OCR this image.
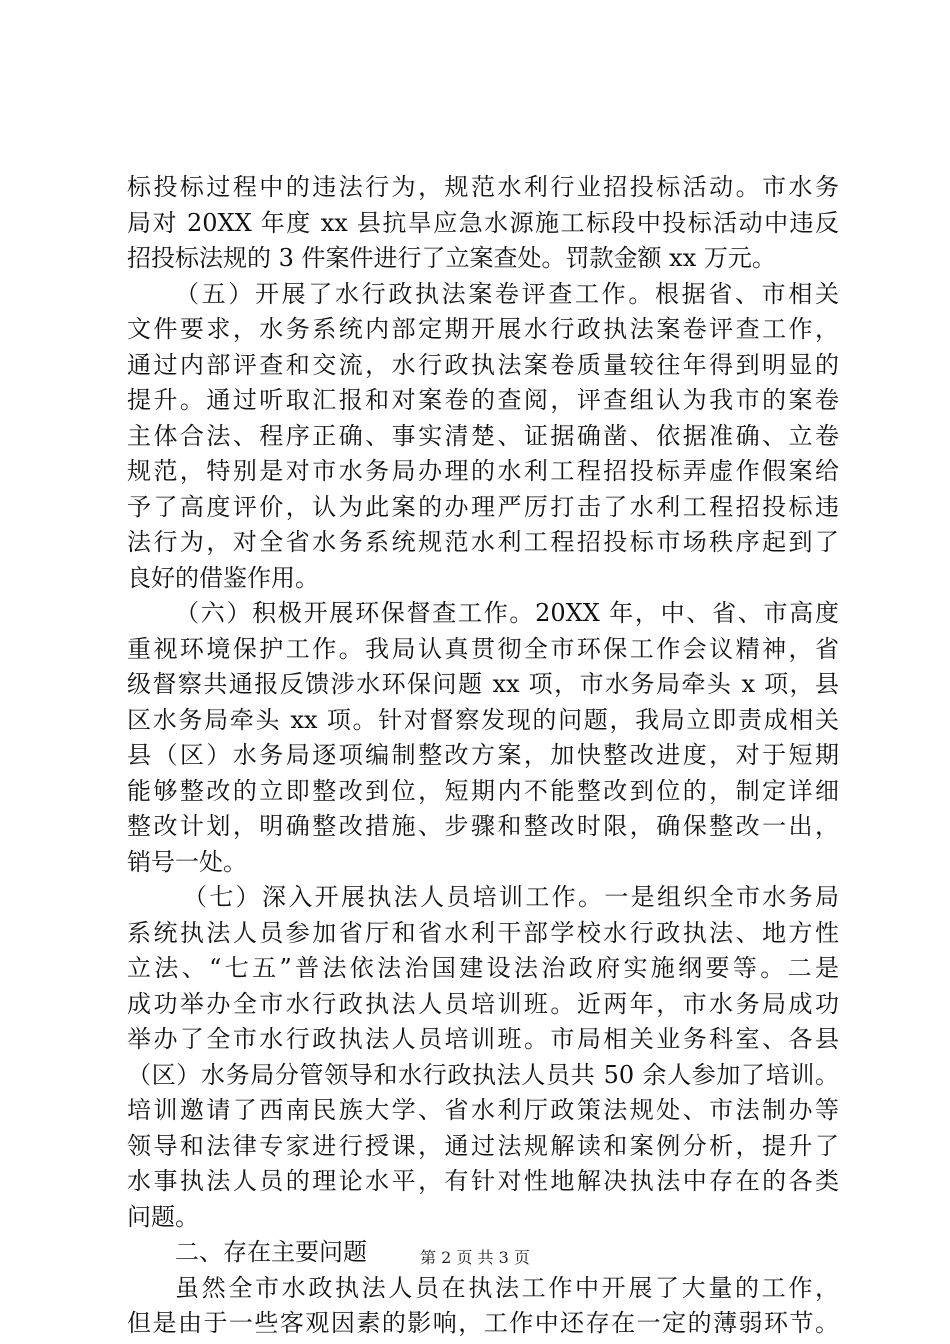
标投标过程中的违法行为，规范水利行业招投标活动。市水务
局对 20XX 年度 xx 县抗旱应急水源施工标段中投标活动中违反
招投标法规的 3 件案件进行了立案查处。罚款金额 xx 万元。
（五）开展了水行政执法案卷评查工作。根据省、市相关
文件要求，水务系统内部定期开展水行政执法案卷评查工作，
通过内部评查和交流，水行政执法案卷质量较往年得到明显的
提升。通过听取汇报和对案卷的查阅，评查组认为我市的案卷
主体合法、程序正确、事实清楚、证据确凿、依据准确、立卷
规范，特别是对市水务局办理的水利工程招投标弄虚作假案给
予了高度评价，认为此案的办理严厉打击了水利工程招投标违
法行为，对全省水务系统规范水利工程招投标市场秩序起到了
良好的借鉴作用。
（六）积极开展环保督查工作。20XX 年，中、省、市高度
重视环境保护工作。我局认真贯彻全市环保工作会议精神，省
级督察共通报反馈涉水环保问题 xx 项，市水务局牵头 x 项，县
区水务局牵头 xx 项。针对督察发现的问题，我局立即责成相关
县（区）水务局逐项编制整改方案，加快整改进度，对于短期
能够整改的立即整改到位，短期内不能整改到位的，制定详细
整改计划，明确整改措施、步骤和整改时限，确保整改一出，
销号一处。
（七）深入开展执法人员培训工作。一是组织全市水务局
系统执法人员参加省厅和省水利干部学校水行政执法、地方性
立法、“七五”普法依法治国建设法治政府实施纲要等。二是
成功举办全市水行政执法人员培训班。近两年，市水务局成功
举办了全市水行政执法人员培训班。市局相关业务科室、各县
（区）水务局分管领导和水行政执法人员共 50 余人参加了培训。
培训邀请了西南民族大学、省水利厅政策法规处、市法制办等
领导和法律专家进行授课，通过法规解读和案例分析，提升了
水事执法人员的理论水平，有针对性地解决执法中存在的各类
问题。
二、存在主要问题
虽然全市水政执法人员在执法工作中开展了大量的工作，
但是由于一些客观因素的影响，工作中还存在一定的薄弱环节。
第 2 页 共 3 页
